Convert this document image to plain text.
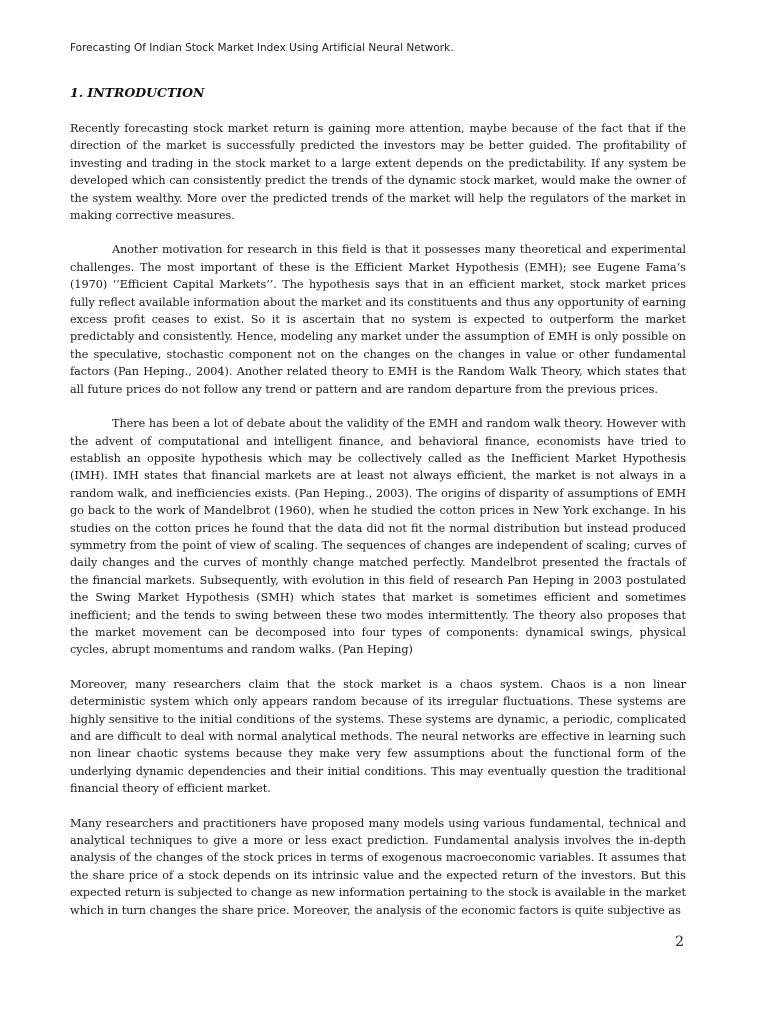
Forecasting Of Indian Stock Market Index Using Artificial Neural Network.
1. INTRODUCTION

Recently forecasting stock market return is gaining more attention, maybe because of the fact that if the direction of the market is successfully predicted the investors may be better guided. The profitability of investing and trading in the stock market to a large extent depends on the predictability. If any system be developed which can consistently predict the trends of the dynamic stock market, would make the owner of the system wealthy. More over the predicted trends of the market will help the regulators of the market in making corrective measures.

Another motivation for research in this field is that it possesses many theoretical and experimental challenges. The most important of these is the Efficient Market Hypothesis (EMH); see Eugene Fama’s (1970) ‘‘Efficient Capital Markets’’. The hypothesis says that in an efficient market, stock market prices fully reflect available information about the market and its constituents and thus any opportunity of earning excess profit ceases to exist. So it is ascertain that no system is expected to outperform the market predictably and consistently. Hence, modeling any market under the assumption of EMH is only possible on the speculative, stochastic component not on the changes on the changes in value or other fundamental factors (Pan Heping., 2004). Another related theory to EMH is the Random Walk Theory, which states that all future prices do not follow any trend or pattern and are random departure from the previous prices.

There has been a lot of debate about the validity of the EMH and random walk theory. However with the advent of computational and intelligent finance, and behavioral finance, economists have tried to establish an opposite hypothesis which may be collectively called as the Inefficient Market Hypothesis (IMH). IMH states that financial markets are at least not always efficient, the market is not always in a random walk, and inefficiencies exists. (Pan Heping., 2003). The origins of disparity of assumptions of EMH go back to the work of Mandelbrot (1960), when he studied the cotton prices in New York exchange. In his studies on the cotton prices he found that the data did not fit the normal distribution but instead produced symmetry from the point of view of scaling. The sequences of changes are independent of scaling; curves of daily changes and the curves of monthly change matched perfectly. Mandelbrot presented the fractals of the financial markets. Subsequently, with evolution in this field of research Pan Heping in 2003 postulated the Swing Market Hypothesis (SMH) which states that market is sometimes efficient and sometimes inefficient; and the tends to swing between these two modes intermittently. The theory also proposes that the market movement can be decomposed into four types of components: dynamical swings, physical cycles, abrupt momentums and random walks. (Pan Heping)

Moreover, many researchers claim that the stock market is a chaos system. Chaos is a non linear deterministic system which only appears random because of its irregular fluctuations. These systems are highly sensitive to the initial conditions of the systems. These systems are dynamic, a periodic, complicated and are difficult to deal with normal analytical methods. The neural networks are effective in learning such non linear chaotic systems because they make very few assumptions about the functional form of the underlying dynamic dependencies and their initial conditions. This may eventually question the traditional financial theory of efficient market.

Many researchers and practitioners have proposed many models using various fundamental, technical and analytical techniques to give a more or less exact prediction. Fundamental analysis involves the in-depth analysis of the changes of the stock prices in terms of exogenous macroeconomic variables. It assumes that the share price of a stock depends on its intrinsic value and the expected return of the investors. But this expected return is subjected to change as new information pertaining to the stock is available in the market which in turn changes the share price. Moreover, the analysis of the economic factors is quite subjective as

2
